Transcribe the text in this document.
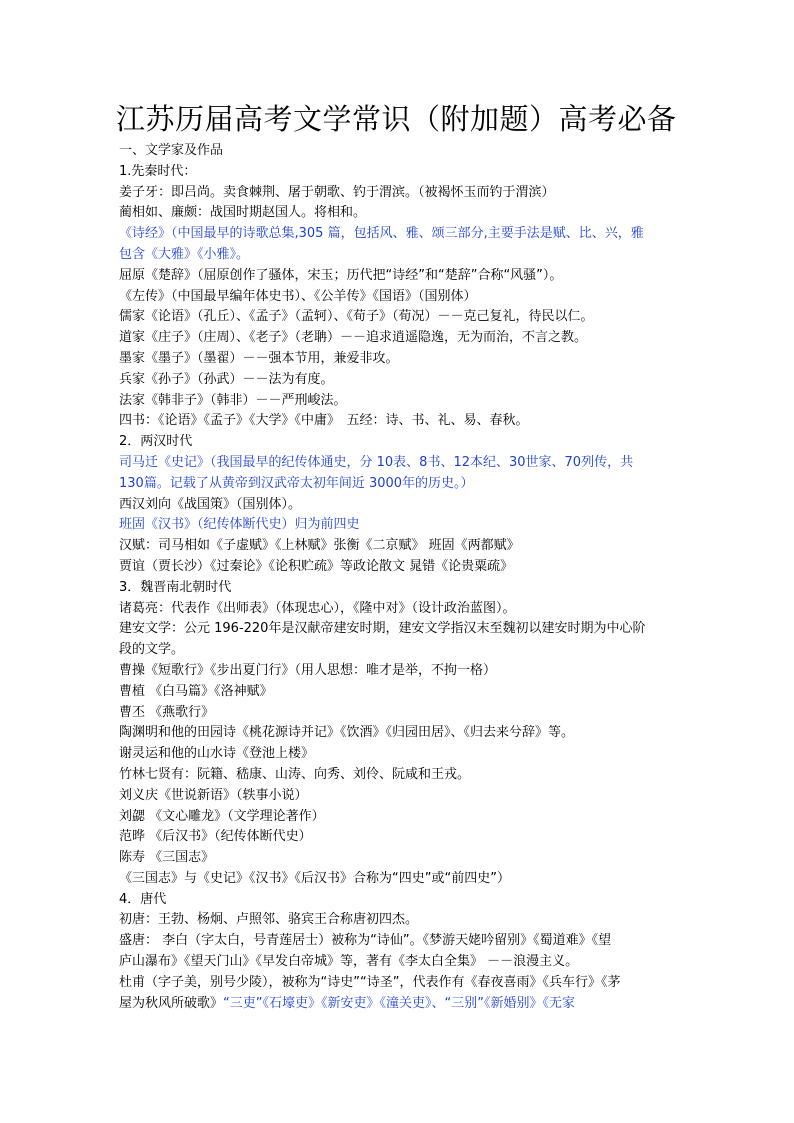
江苏历届高考文学常识（附加题）高考必备
一、文学家及作品
1.先秦时代：
姜子牙：即吕尚。卖食棘荆、屠于朝歌、钓于渭滨。（被褐怀玉而钓于渭滨）
蔺相如、廉颇：战国时期赵国人。将相和。
《诗经》（中国最早的诗歌总集,305 篇，包括风、雅、颂三部分,主要手法是赋、比、兴，雅
包含《大雅》《小雅》。
屈原《楚辞》（屈原创作了骚体，宋玉；历代把“诗经”和“楚辞”合称“风骚”）。
《左传》（中国最早编年体史书）、《公羊传》《国语》（国别体）
儒家《论语》（孔丘）、《孟子》（孟轲）、《荀子》（荀况）－－克己复礼，待民以仁。
道家《庄子》（庄周）、《老子》（老聃）－－追求逍遥隐逸，无为而治，不言之教。
墨家《墨子》（墨翟）－－强本节用，兼爱非攻。
兵家《孙子》（孙武）－－法为有度。
法家《韩非子》（韩非）－－严刑峻法。
四书：《论语》《孟子》《大学》《中庸》　五经：诗、书、礼、易、春秋。
2．两汉时代
司马迁《史记》（我国最早的纪传体通史，分 10表、8书、12本纪、30世家、70列传，共
130篇。记载了从黄帝到汉武帝太初年间近 3000年的历史。）
西汉刘向《战国策》（国别体）。
班固《汉书》（纪传体断代史）归为前四史
汉赋：司马相如《子虚赋》《上林赋》张衡《二京赋》 班固《两都赋》
贾谊（贾长沙）《过秦论》《论积贮疏》等政论散文 晁错《论贵粟疏》
3．魏晋南北朝时代
诸葛亮：代表作《出师表》（体现忠心），《隆中对》（设计政治蓝图）。
建安文学：公元 196-220年是汉献帝建安时期，建安文学指汉末至魏初以建安时期为中心阶
段的文学。
曹操《短歌行》《步出夏门行》（用人思想：唯才是举，不拘一格）
曹植 《白马篇》《洛神赋》
曹丕 《燕歌行》
陶渊明和他的田园诗《桃花源诗并记》《饮酒》《归园田居》、《归去来兮辞》等。
谢灵运和他的山水诗《登池上楼》
竹林七贤有：阮籍、嵇康、山涛、向秀、刘伶、阮咸和王戎。
刘义庆《世说新语》（轶事小说）
刘勰 《文心雕龙》（文学理论著作）
范晔 《后汉书》（纪传体断代史）
陈寿 《三国志》
《三国志》与《史记》《汉书》《后汉书》合称为“四史”或“前四史”）
4．唐代
初唐：王勃、杨炯、卢照邻、骆宾王合称唐初四杰。
盛唐： 李白（字太白，号青莲居士）被称为“诗仙”。《梦游天姥吟留别》《蜀道难》《望
庐山瀑布》《望天门山》《早发白帝城》等，著有《李太白全集》 －－浪漫主义。
杜甫（字子美，别号少陵），被称为“诗史”“诗圣”，代表作有《春夜喜雨》《兵车行》《茅
屋为秋风所破歌》“三吏”《石壕吏》《新安吏》《潼关吏》、“三别”《新婚别》《无家
